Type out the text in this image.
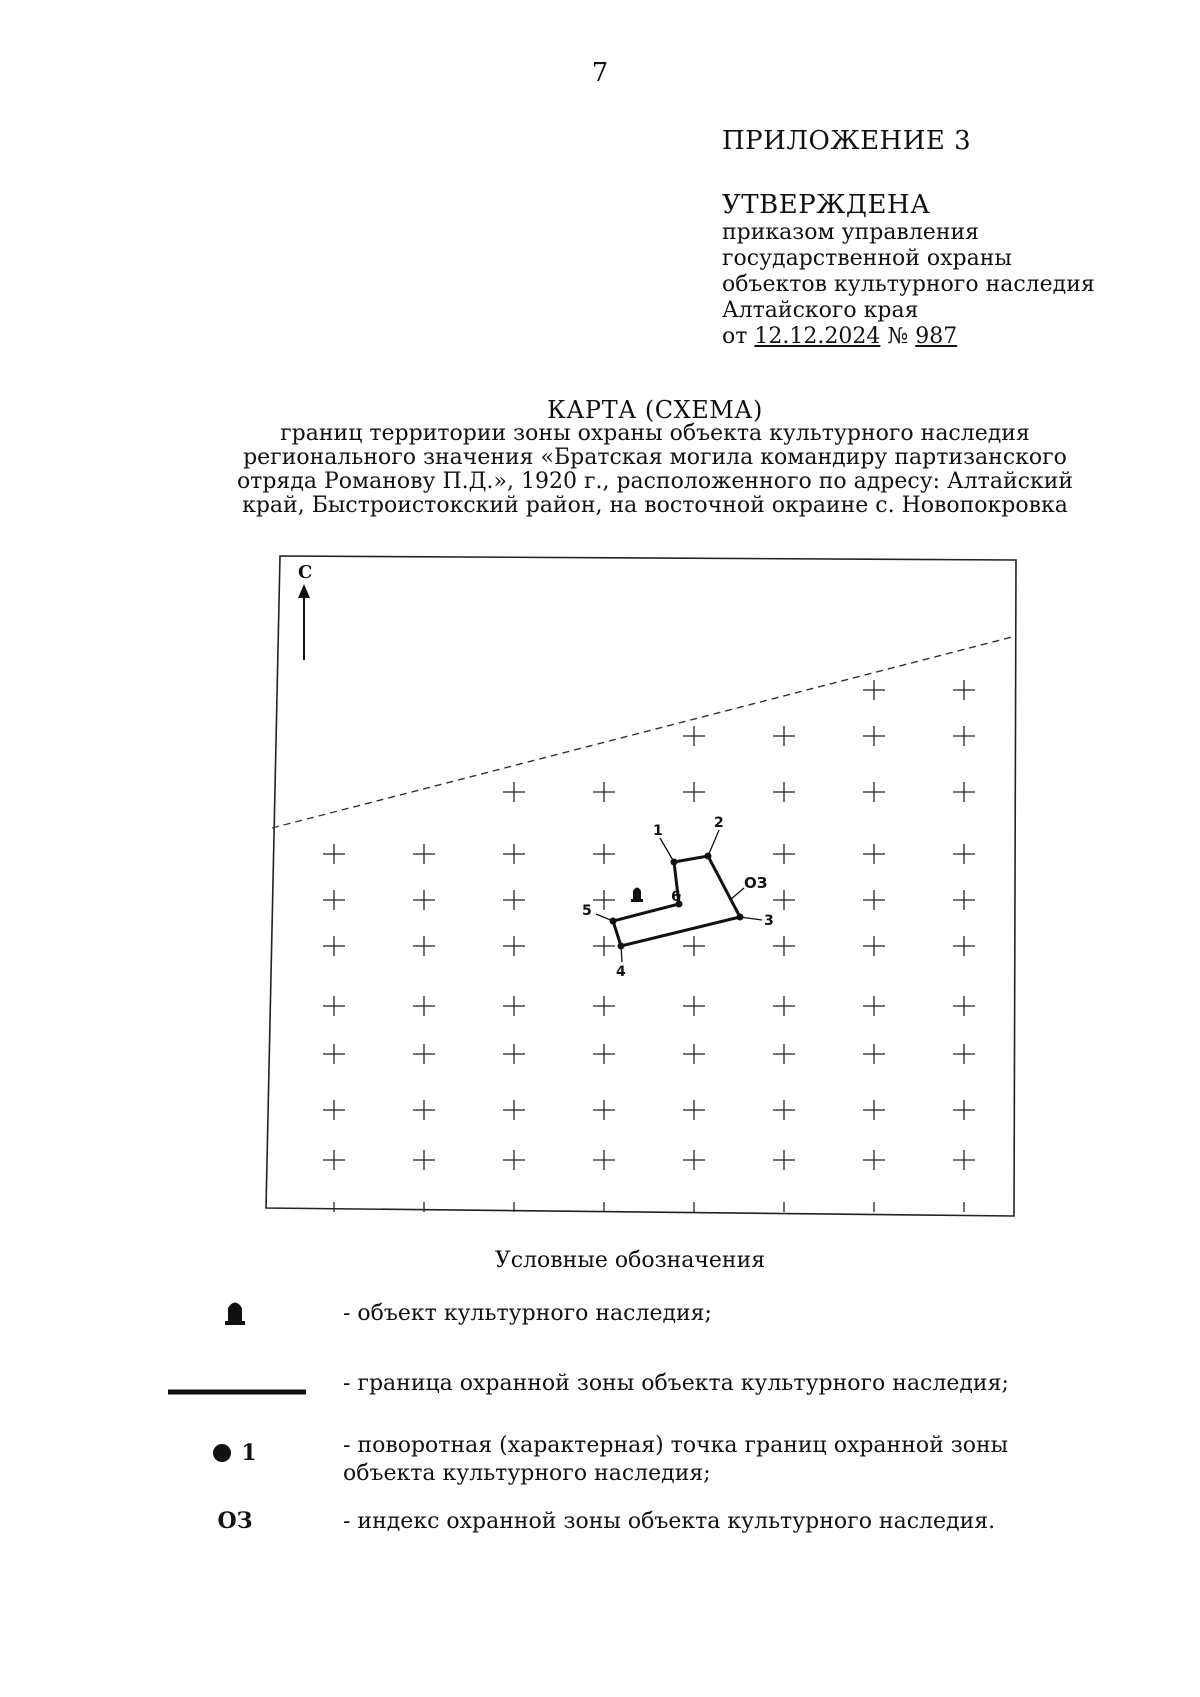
7
ПРИЛОЖЕНИЕ 3
УТВЕРЖДЕНА
приказом управления
государственной охраны
объектов культурного наследия
Алтайского края
от 12.12.2024 № 987
КАРТА (СХЕМА)
границ территории зоны охраны объекта культурного наследия
регионального значения «Братская могила командиру партизанского
отряда Романову П.Д.», 1920 г., расположенного по адресу: Алтайский
край, Быстроистокский район, на восточной окраине с. Новопокровка
С
1	2
3
4
5
6
ОЗ
Условные обозначения
- объект культурного наследия;
- граница охранной зоны объекта культурного наследия;
1	- поворотная (характерная) точка границ охранной зоны объекта культурного наследия;
ОЗ	- индекс охранной зоны объекта культурного наследия.
